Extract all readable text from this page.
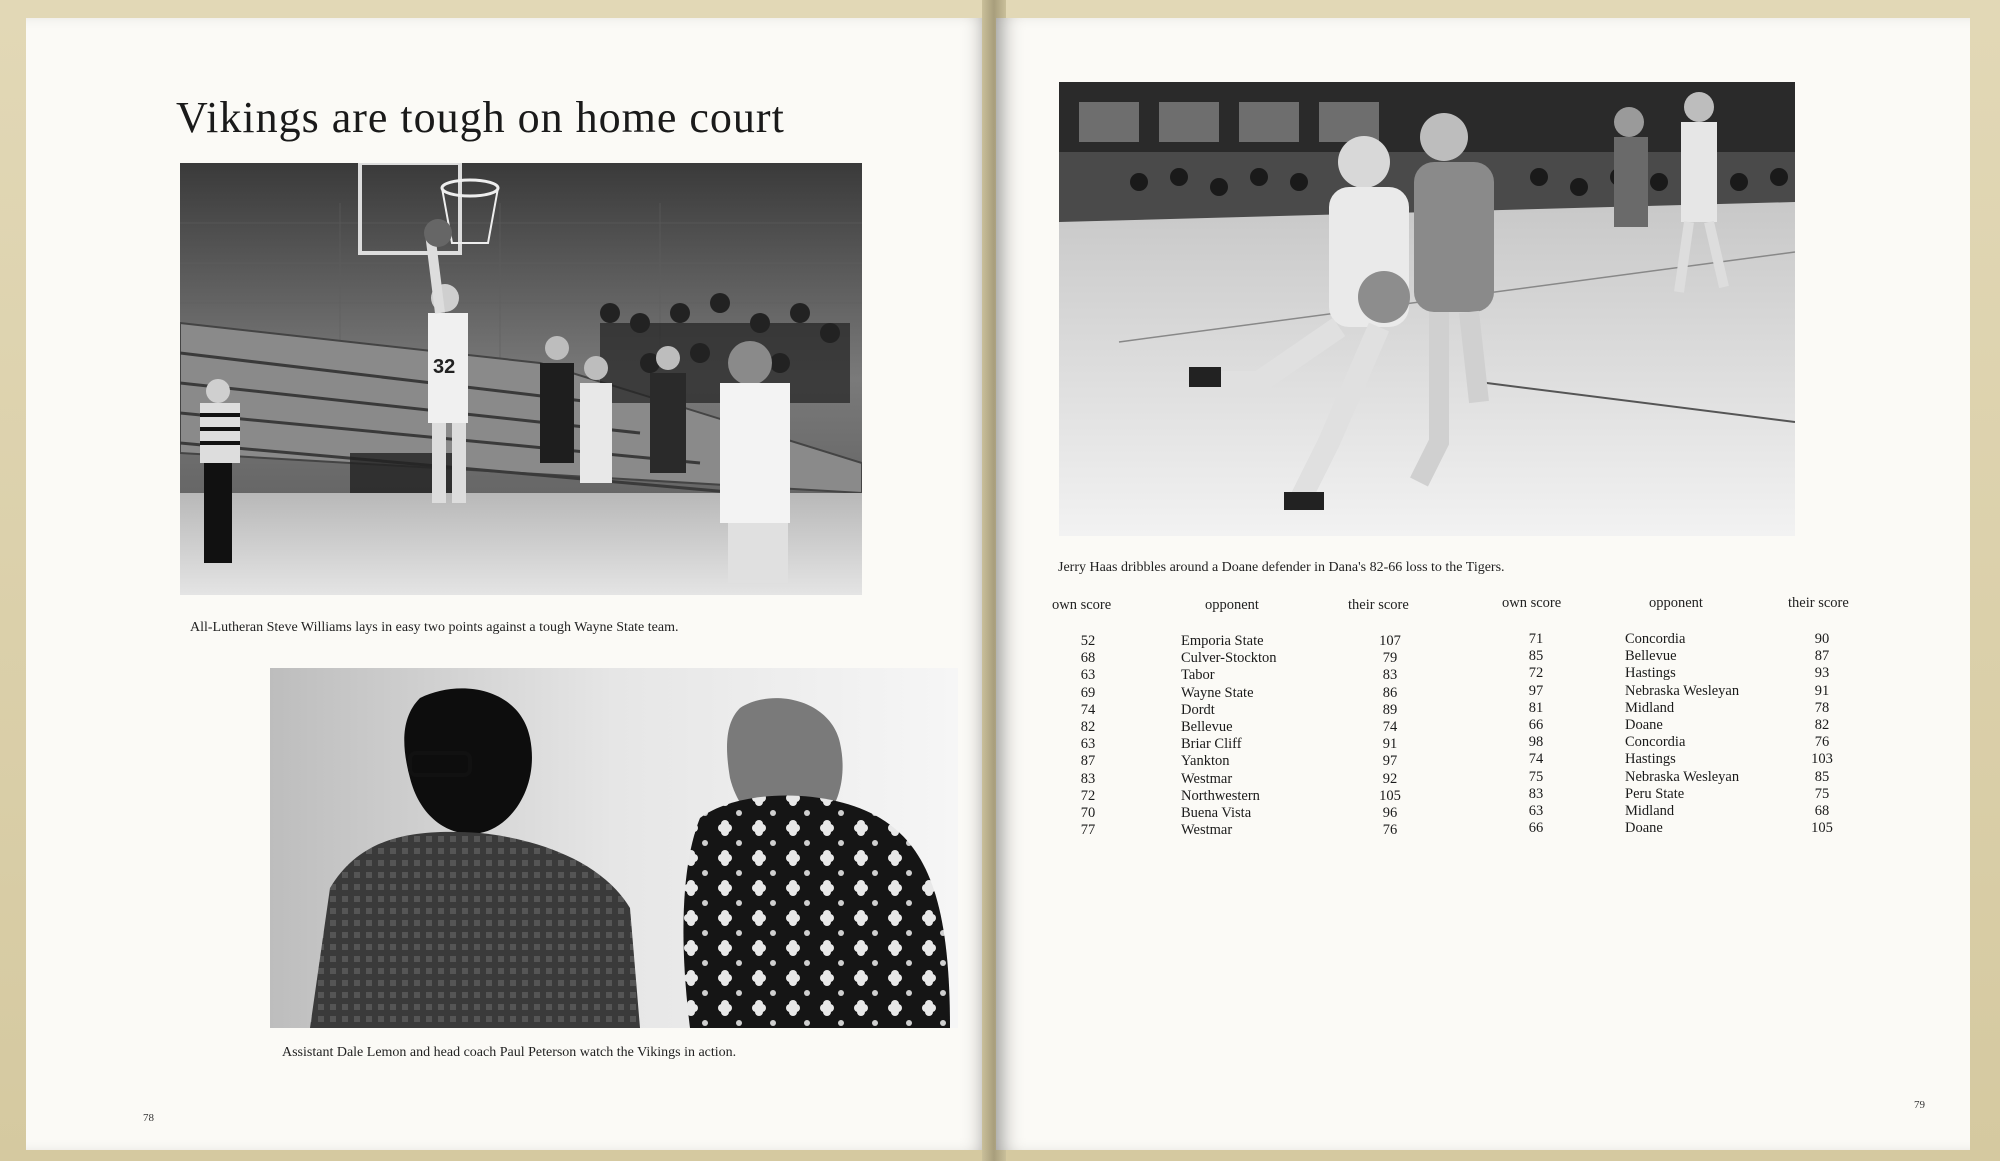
Vikings are tough on home court
32
All-Lutheran Steve Williams lays in easy two points against a tough Wayne State team.
Assistant Dale Lemon and head coach Paul Peterson watch the Vikings in action.
78
Jerry Haas dribbles around a Doane defender in Dana's 82-66 loss to the Tigers.
own score	opponent	their score
52	Emporia State	107
68	Culver-Stockton	79
63	Tabor	83
69	Wayne State	86
74	Dordt	89
82	Bellevue	74
63	Briar Cliff	91
87	Yankton	97
83	Westmar	92
72	Northwestern	105
70	Buena Vista	96
77	Westmar	76
own score	opponent	their score
71	Concordia	90
85	Bellevue	87
72	Hastings	93
97	Nebraska Wesleyan	91
81	Midland	78
66	Doane	82
98	Concordia	76
74	Hastings	103
75	Nebraska Wesleyan	85
83	Peru State	75
63	Midland	68
66	Doane	105
79
